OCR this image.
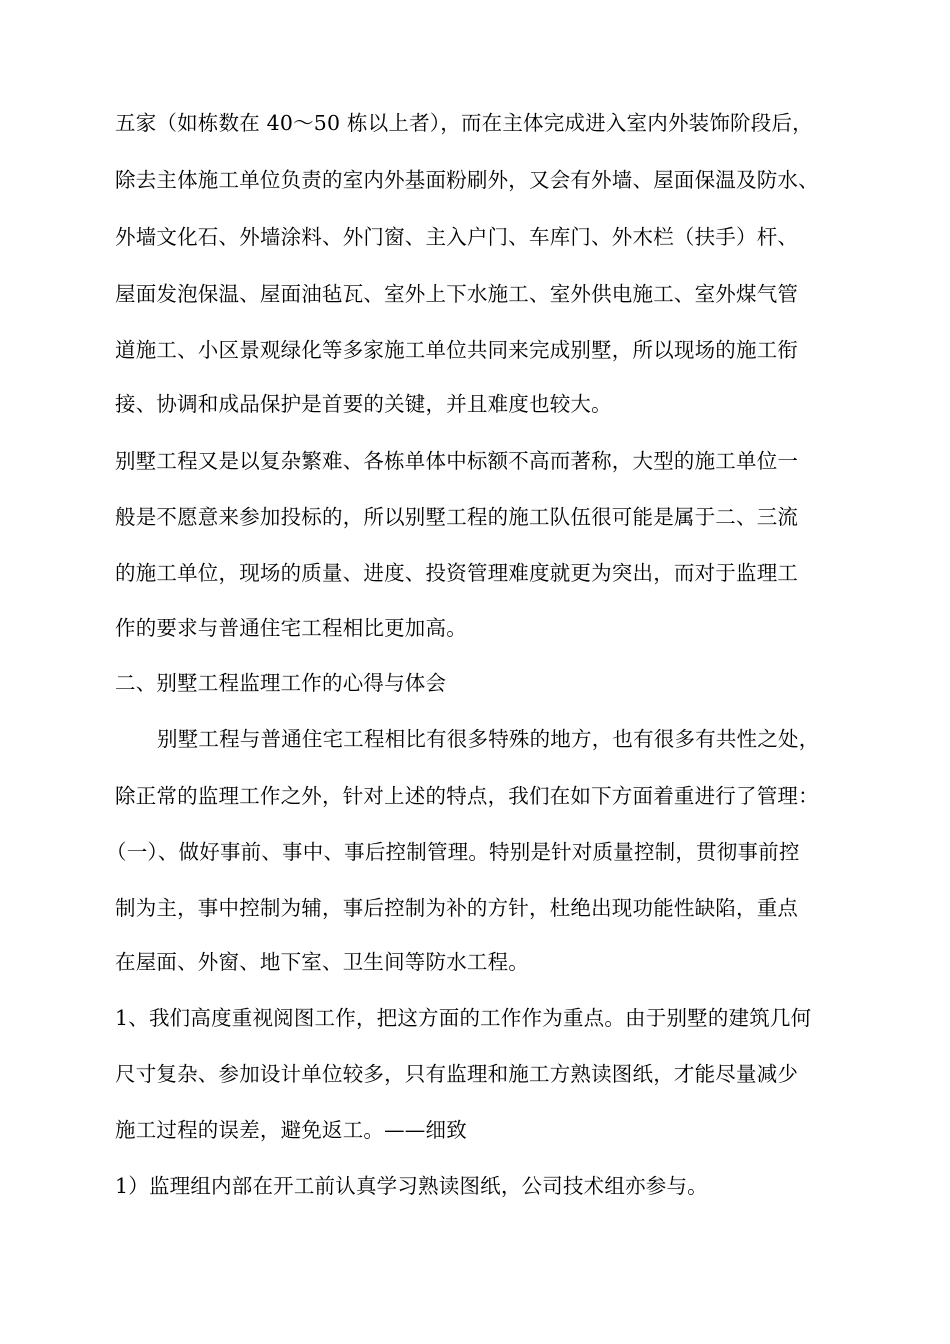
五家（如栋数在 40～50 栋以上者），而在主体完成进入室内外装饰阶段后，
除去主体施工单位负责的室内外基面粉刷外，又会有外墙、屋面保温及防水、
外墙文化石、外墙涂料、外门窗、主入户门、车库门、外木栏（扶手）杆、
屋面发泡保温、屋面油毡瓦、室外上下水施工、室外供电施工、室外煤气管
道施工、小区景观绿化等多家施工单位共同来完成别墅，所以现场的施工衔
接、协调和成品保护是首要的关键，并且难度也较大。
别墅工程又是以复杂繁难、各栋单体中标额不高而著称，大型的施工单位一
般是不愿意来参加投标的，所以别墅工程的施工队伍很可能是属于二、三流
的施工单位，现场的质量、进度、投资管理难度就更为突出，而对于监理工
作的要求与普通住宅工程相比更加高。
二、别墅工程监理工作的心得与体会
别墅工程与普通住宅工程相比有很多特殊的地方，也有很多有共性之处，
除正常的监理工作之外，针对上述的特点，我们在如下方面着重进行了管理：
（一）、做好事前、事中、事后控制管理。特别是针对质量控制，贯彻事前控
制为主，事中控制为辅，事后控制为补的方针，杜绝出现功能性缺陷，重点
在屋面、外窗、地下室、卫生间等防水工程。
1、我们高度重视阅图工作，把这方面的工作作为重点。由于别墅的建筑几何
尺寸复杂、参加设计单位较多，只有监理和施工方熟读图纸，才能尽量减少
施工过程的误差，避免返工。——细致
1）监理组内部在开工前认真学习熟读图纸，公司技术组亦参与。
